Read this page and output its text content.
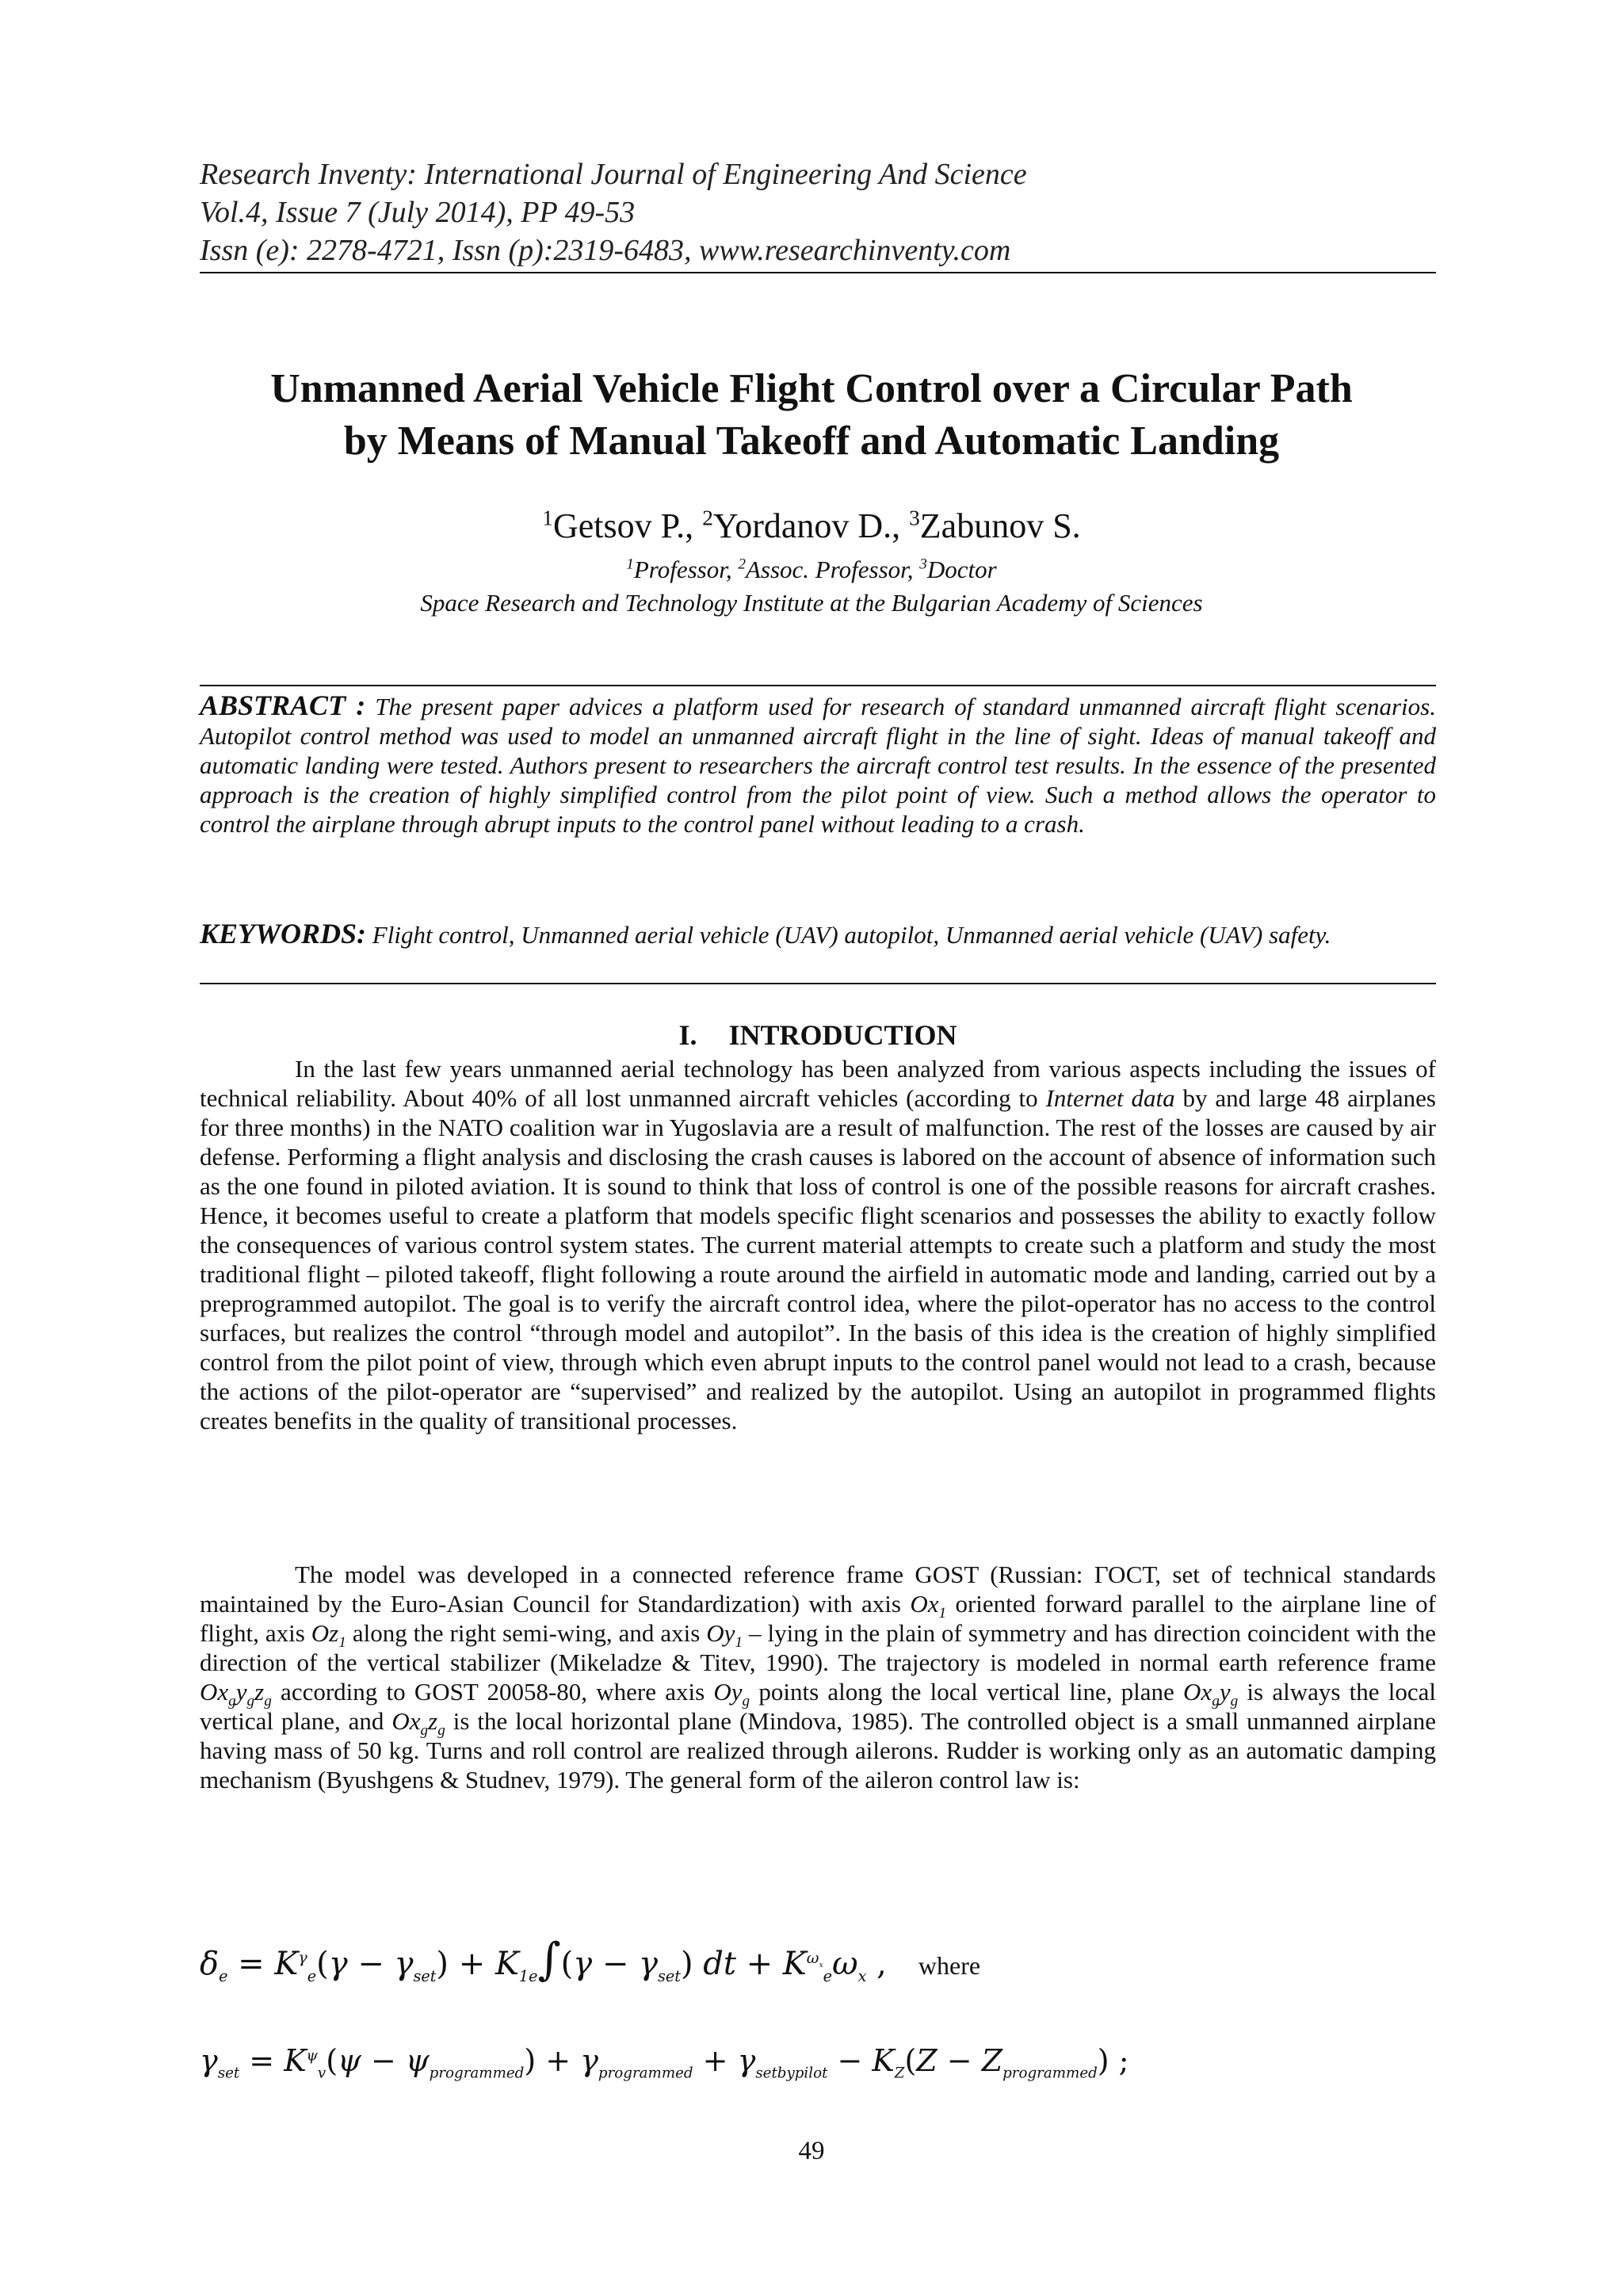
Research Inventy: International Journal of Engineering And Science
Vol.4, Issue 7 (July 2014), PP 49-53
Issn (e): 2278-4721, Issn (p):2319-6483, www.researchinventy.com
Unmanned Aerial Vehicle Flight Control over a Circular Path
by Means of Manual Takeoff and Automatic Landing
$^1$Getsov P., $^2$Yordanov D., $^3$Zabunov S.
$^1$Professor, $^2$Assoc. Professor, $^3$Doctor
Space Research and Technology Institute at the Bulgarian Academy of Sciences
ABSTRACT : The present paper advices a platform used for research of standard unmanned aircraft flight scenarios. Autopilot control method was used to model an unmanned aircraft flight in the line of sight. Ideas of manual takeoff and automatic landing were tested. Authors present to researchers the aircraft control test results. In the essence of the presented approach is the creation of highly simplified control from the pilot point of view. Such a method allows the operator to control the airplane through abrupt inputs to the control panel without leading to a crash.
KEYWORDS: Flight control, Unmanned aerial vehicle (UAV) autopilot, Unmanned aerial vehicle (UAV) safety.
I. INTRODUCTION
In the last few years unmanned aerial technology has been analyzed from various aspects including the issues of technical reliability. About 40% of all lost unmanned aircraft vehicles (according to Internet data by and large 48 airplanes for three months) in the NATO coalition war in Yugoslavia are a result of malfunction. The rest of the losses are caused by air defense. Performing a flight analysis and disclosing the crash causes is labored on the account of absence of information such as the one found in piloted aviation. It is sound to think that loss of control is one of the possible reasons for aircraft crashes. Hence, it becomes useful to create a platform that models specific flight scenarios and possesses the ability to exactly follow the consequences of various control system states. The current material attempts to create such a platform and study the most traditional flight – piloted takeoff, flight following a route around the airfield in automatic mode and landing, carried out by a preprogrammed autopilot. The goal is to verify the aircraft control idea, where the pilot-operator has no access to the control surfaces, but realizes the control “through model and autopilot”. In the basis of this idea is the creation of highly simplified control from the pilot point of view, through which even abrupt inputs to the control panel would not lead to a crash, because the actions of the pilot-operator are “supervised” and realized by the autopilot. Using an autopilot in programmed flights creates benefits in the quality of transitional processes.
The model was developed in a connected reference frame GOST (Russian: ГОСТ, set of technical standards maintained by the Euro-Asian Council for Standardization) with axis $Ox_1$ oriented forward parallel to the airplane line of flight, axis $Oz_1$ along the right semi-wing, and axis $Oy_1$ – lying in the plain of symmetry and has direction coincident with the direction of the vertical stabilizer (Mikeladze & Titev, 1990). The trajectory is modeled in normal earth reference frame $Ox_gy_gz_g$ according to GOST 20058-80, where axis $Oy_g$ points along the local vertical line, plane $Ox_gy_g$ is always the local vertical plane, and $Ox_gz_g$ is the local horizontal plane (Mindova, 1985). The controlled object is a small unmanned airplane having mass of 50 kg. Turns and roll control are realized through ailerons. Rudder is working only as an automatic damping mechanism (Byushgens & Studnev, 1979). The general form of the aileron control law is:
$\delta_e = K^\gamma_e(\gamma - \gamma_{set}) + K_{1e}\int(\gamma - \gamma_{set})$ dt + $K^{\omega_x}_e\omega_x$ , where
$\gamma_{set} = K^\psi_v(\psi - \psi_{programmed}) + \gamma_{programmed} + \gamma_{setbypilot} - K_Z(Z - Z_{programmed})$ ;
49
